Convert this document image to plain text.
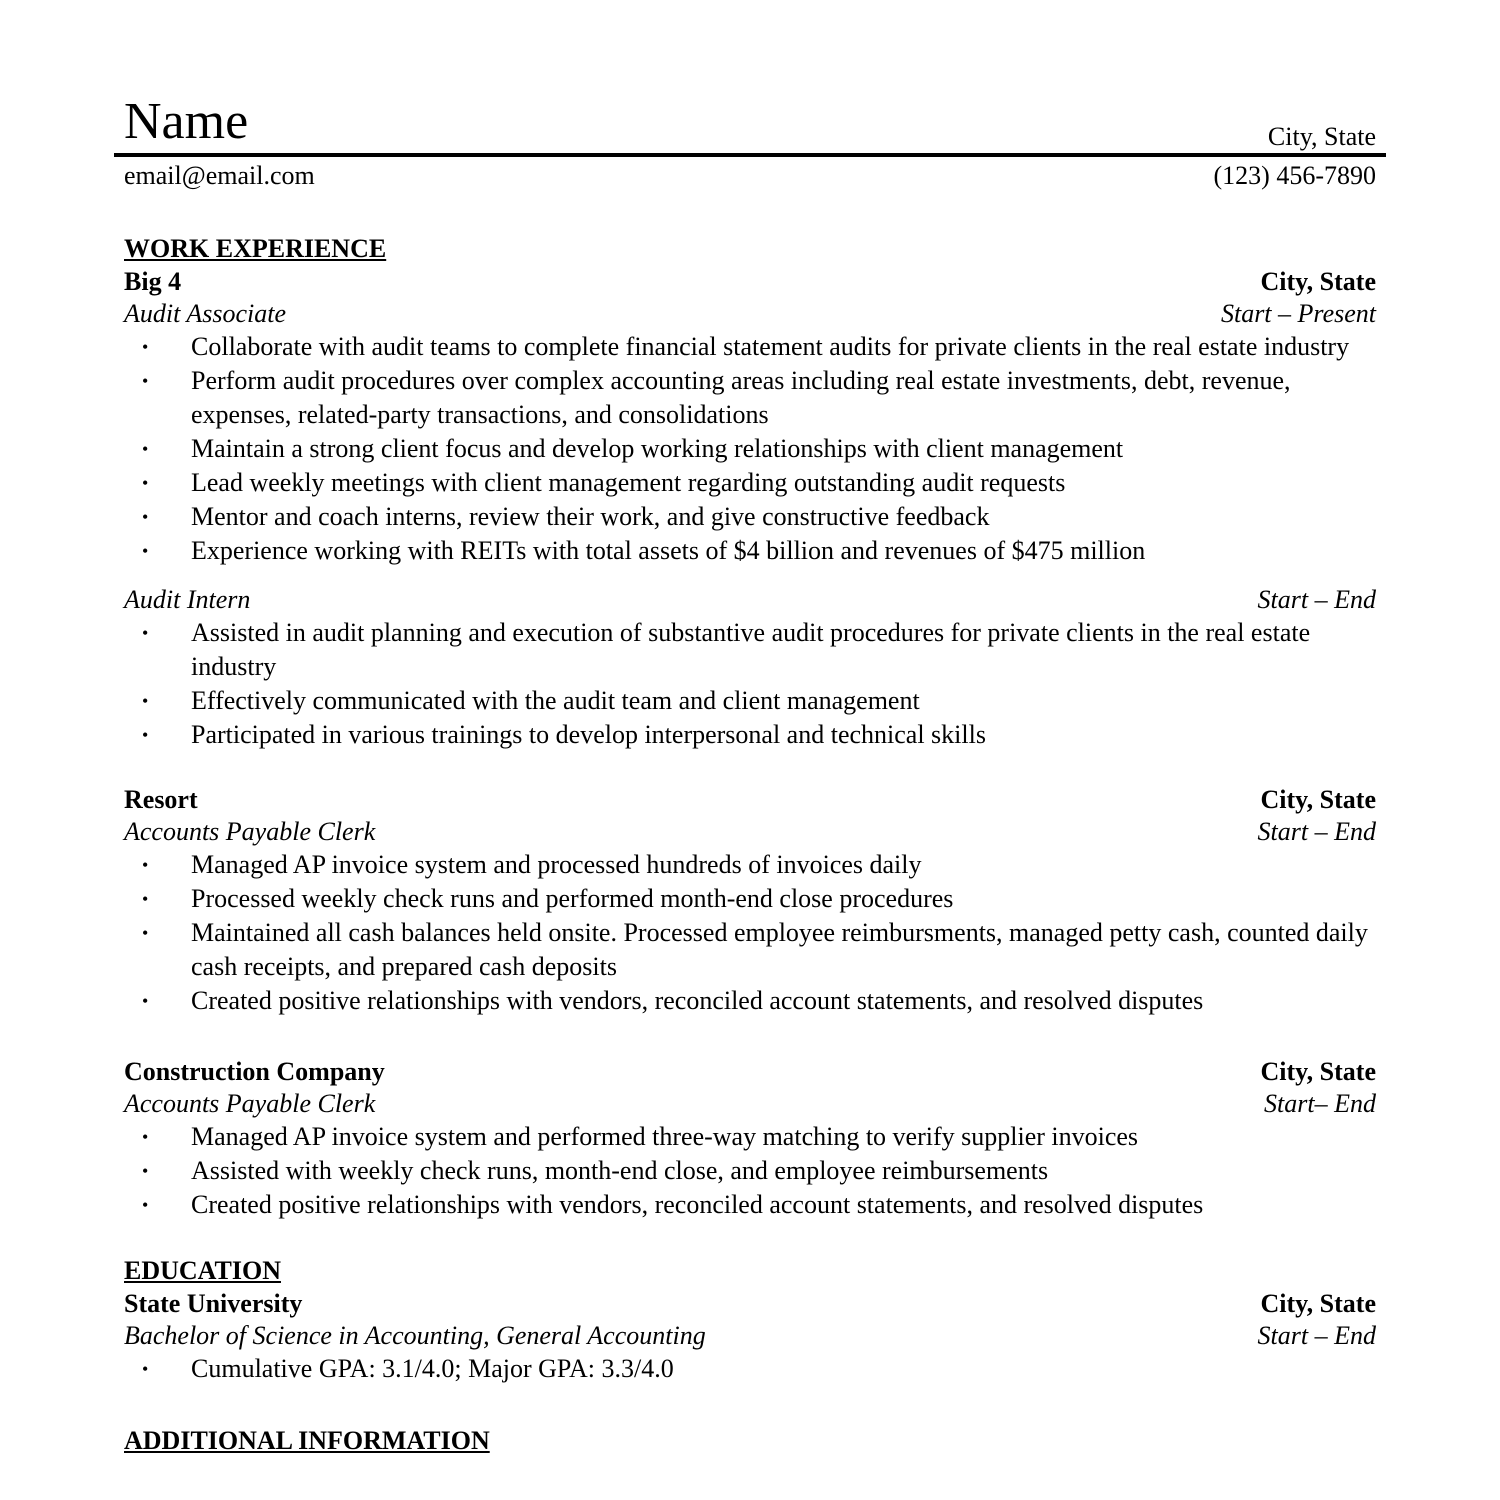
Name	City, State
email@email.com	(123) 456-7890
WORK EXPERIENCE
Big 4	City, State
Audit Associate	Start – Present
• Collaborate with audit teams to complete financial statement audits for private clients in the real estate industry
• Perform audit procedures over complex accounting areas including real estate investments, debt, revenue, expenses, related-party transactions, and consolidations
• Maintain a strong client focus and develop working relationships with client management
• Lead weekly meetings with client management regarding outstanding audit requests
• Mentor and coach interns, review their work, and give constructive feedback
• Experience working with REITs with total assets of $4 billion and revenues of $475 million
Audit Intern	Start – End
• Assisted in audit planning and execution of substantive audit procedures for private clients in the real estate industry
• Effectively communicated with the audit team and client management
• Participated in various trainings to develop interpersonal and technical skills
Resort	City, State
Accounts Payable Clerk	Start – End
• Managed AP invoice system and processed hundreds of invoices daily
• Processed weekly check runs and performed month-end close procedures
• Maintained all cash balances held onsite. Processed employee reimbursments, managed petty cash, counted daily cash receipts, and prepared cash deposits
• Created positive relationships with vendors, reconciled account statements, and resolved disputes
Construction Company	City, State
Accounts Payable Clerk	Start– End
• Managed AP invoice system and performed three-way matching to verify supplier invoices
• Assisted with weekly check runs, month-end close, and employee reimbursements
• Created positive relationships with vendors, reconciled account statements, and resolved disputes
EDUCATION
State University	City, State
Bachelor of Science in Accounting, General Accounting	Start – End
• Cumulative GPA: 3.1/4.0; Major GPA: 3.3/4.0
ADDITIONAL INFORMATION
